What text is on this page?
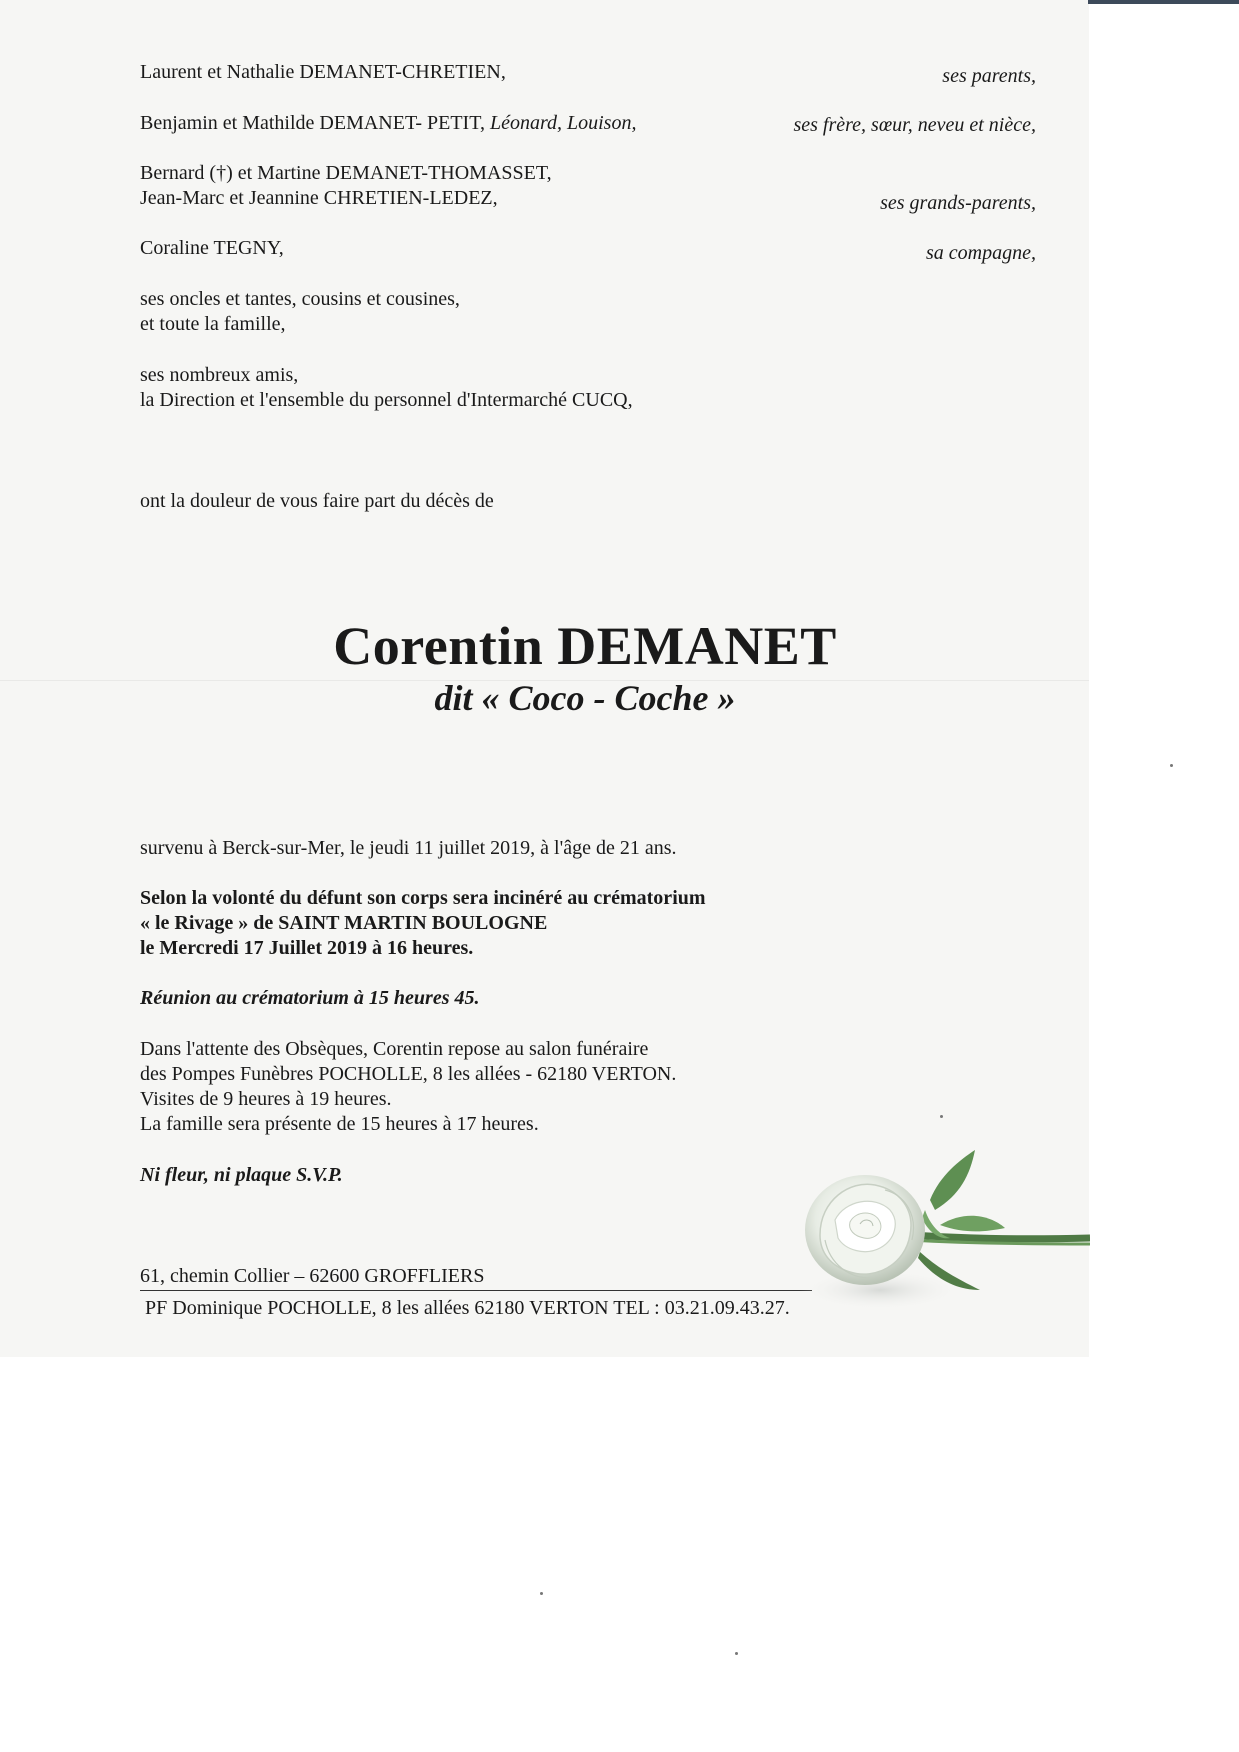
Laurent et Nathalie DEMANET-CHRETIEN,	ses parents,
Benjamin et Mathilde DEMANET- PETIT, Léonard, Louison,	ses frère, sœur, neveu et nièce,
Bernard (†) et Martine DEMANET-THOMASSET,
Jean-Marc et Jeannine CHRETIEN-LEDEZ,	ses grands-parents,
Coraline TEGNY,	sa compagne,
ses oncles et tantes, cousins et cousines,
et toute la famille,
ses nombreux amis,
la Direction et l'ensemble du personnel d'Intermarché CUCQ,
ont la douleur de vous faire part du décès de
Corentin DEMANET
dit « Coco - Coche »
survenu à Berck-sur-Mer, le jeudi 11 juillet 2019, à l'âge de 21 ans.
Selon la volonté du défunt son corps sera incinéré au crématorium
« le Rivage » de SAINT MARTIN BOULOGNE
le Mercredi 17 Juillet 2019 à 16 heures.
Réunion au crématorium à 15 heures 45.
Dans l'attente des Obsèques, Corentin repose au salon funéraire
des Pompes Funèbres POCHOLLE, 8 les allées - 62180 VERTON.
Visites de 9 heures à 19 heures.
La famille sera présente de 15 heures à 17 heures.
Ni fleur, ni plaque S.V.P.
61, chemin Collier – 62600 GROFFLIERS
PF Dominique POCHOLLE, 8 les allées 62180 VERTON TEL : 03.21.09.43.27.
